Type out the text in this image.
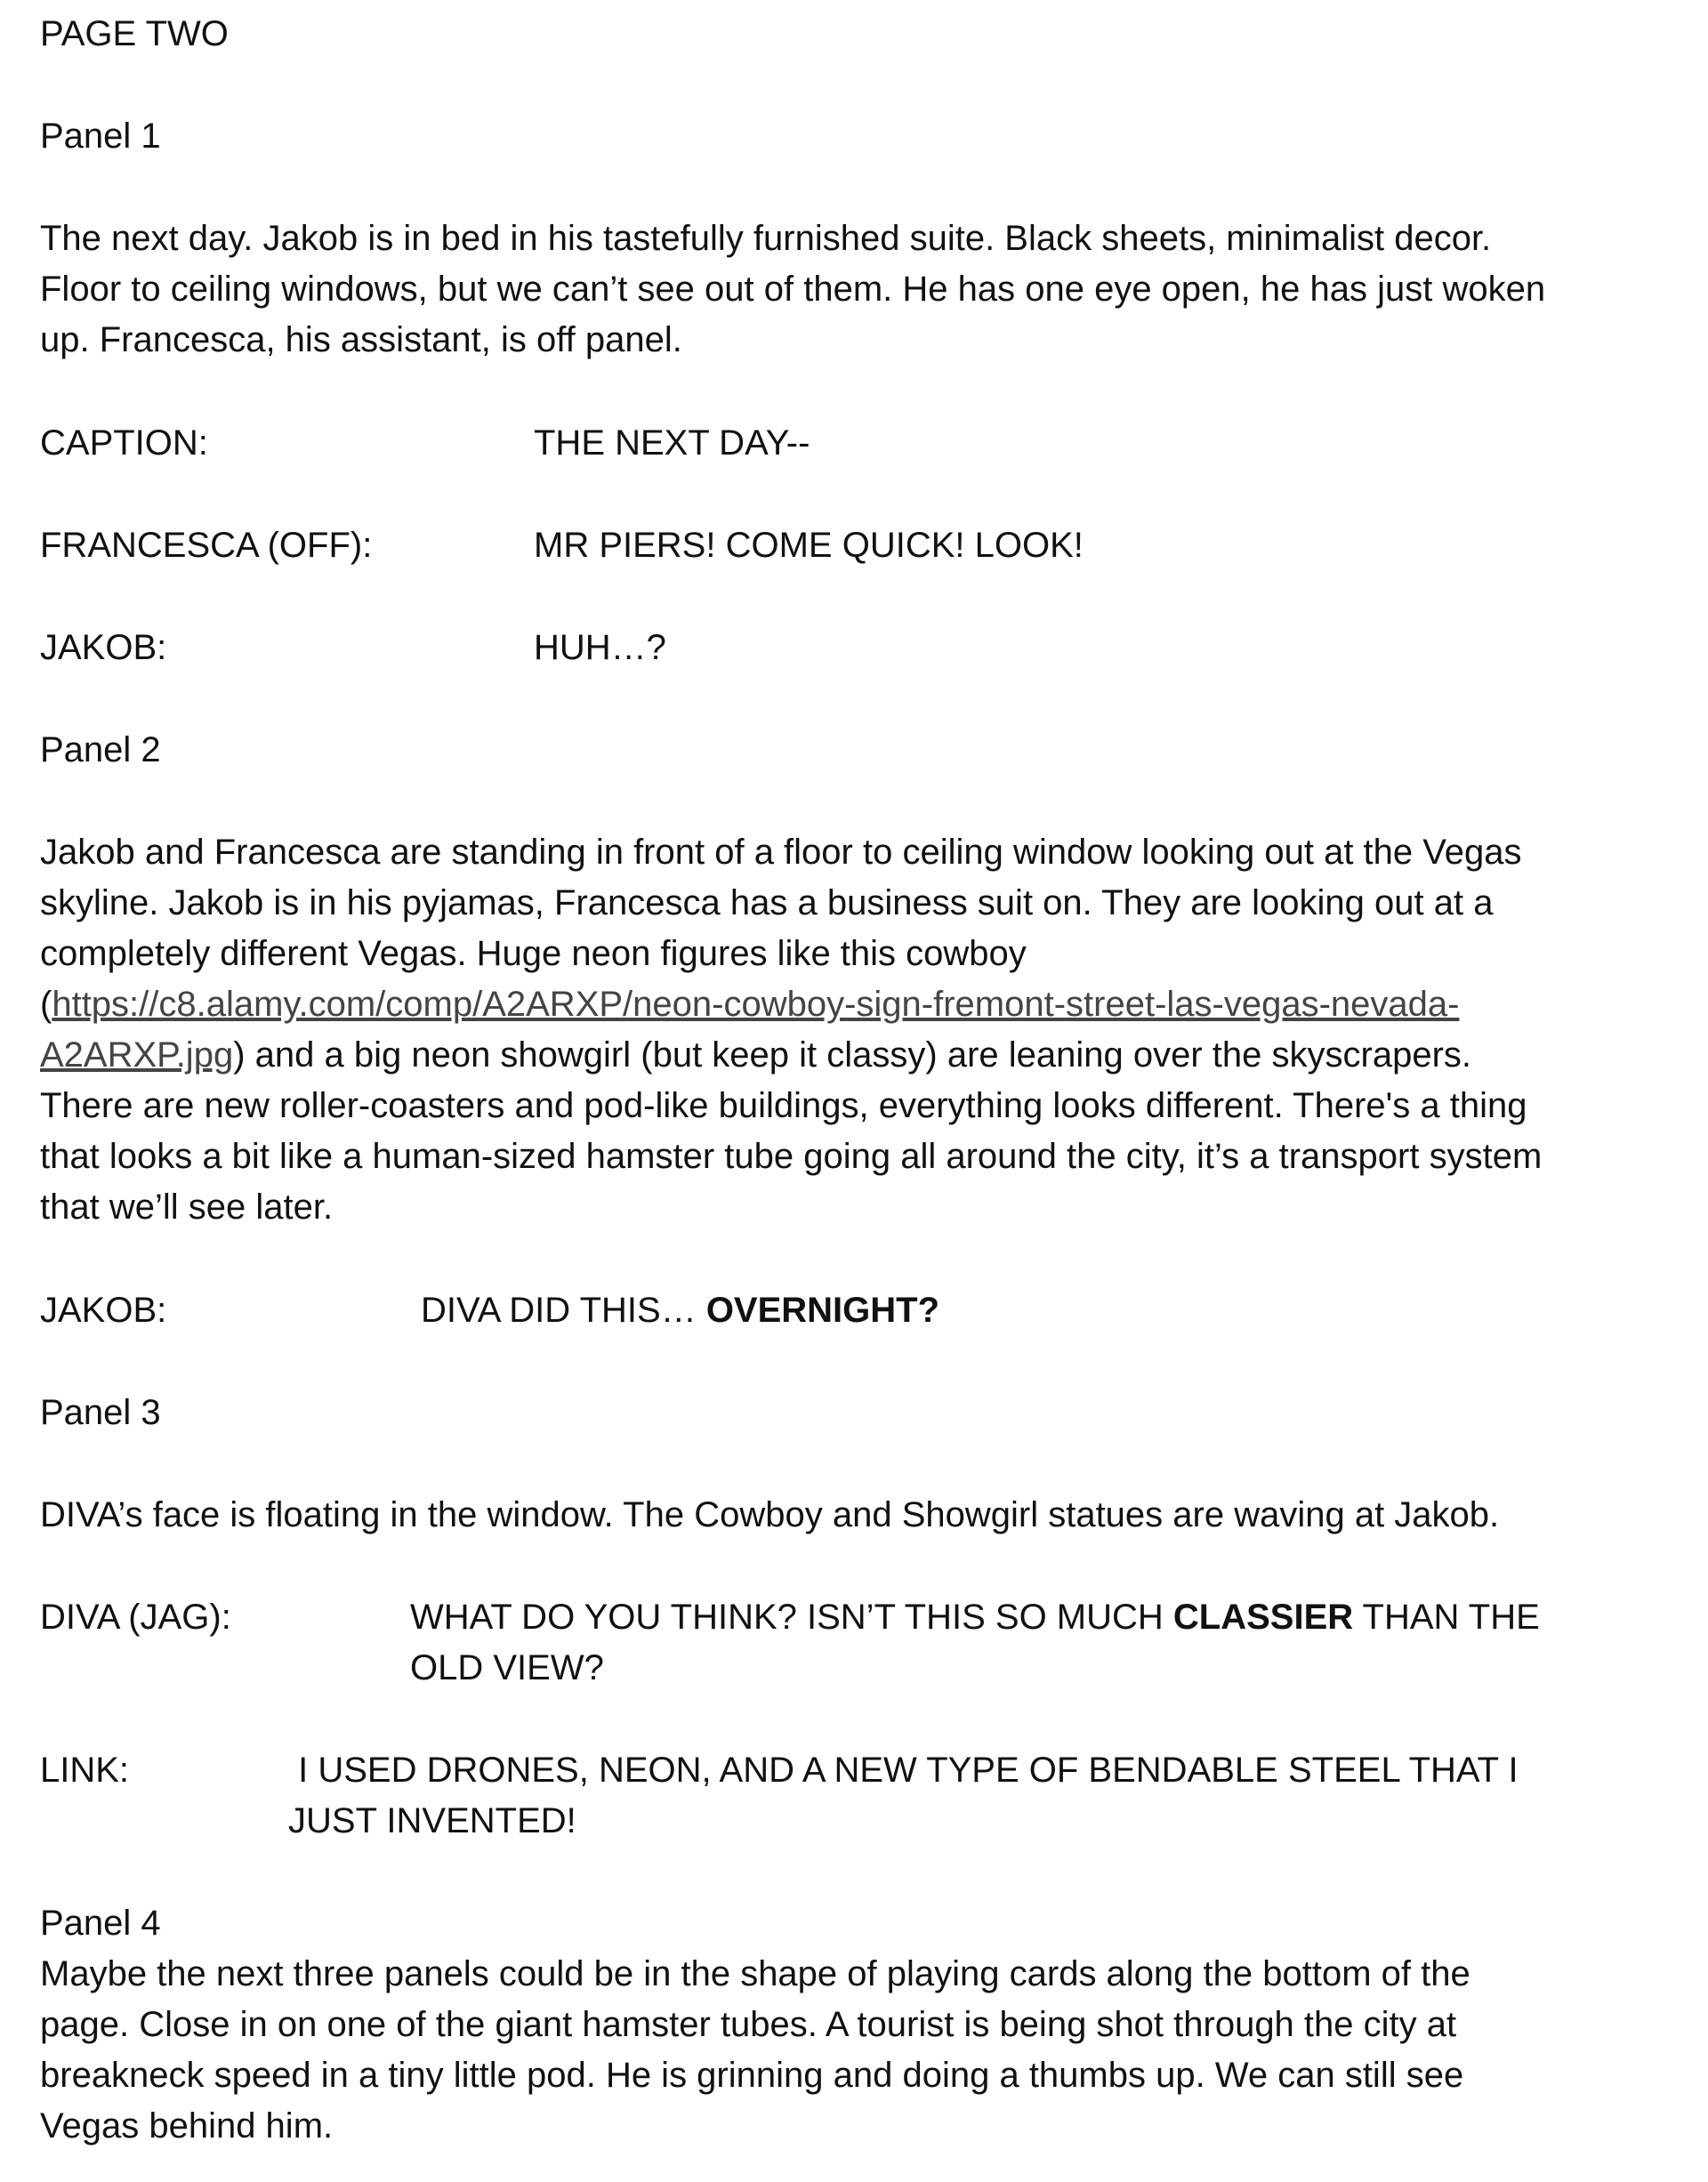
PAGE TWO

Panel 1

The next day. Jakob is in bed in his tastefully furnished suite. Black sheets, minimalist decor.
Floor to ceiling windows, but we can’t see out of them. He has one eye open, he has just woken
up. Francesca, his assistant, is off panel.

CAPTION:	THE NEXT DAY--

FRANCESCA (OFF):	MR PIERS! COME QUICK! LOOK!

JAKOB:	HUH…?

Panel 2

Jakob and Francesca are standing in front of a floor to ceiling window looking out at the Vegas
skyline. Jakob is in his pyjamas, Francesca has a business suit on. They are looking out at a
completely different Vegas. Huge neon figures like this cowboy
(https://c8.alamy.com/comp/A2ARXP/neon-cowboy-sign-fremont-street-las-vegas-nevada-
A2ARXP.jpg) and a big neon showgirl (but keep it classy) are leaning over the skyscrapers.
There are new roller-coasters and pod-like buildings, everything looks different. There's a thing
that looks a bit like a human-sized hamster tube going all around the city, it’s a transport system
that we’ll see later.

JAKOB:	DIVA DID THIS… OVERNIGHT?

Panel 3

DIVA’s face is floating in the window. The Cowboy and Showgirl statues are waving at Jakob.

DIVA (JAG):	WHAT DO YOU THINK? ISN’T THIS SO MUCH CLASSIER THAN THE

OLD VIEW?

LINK:	I USED DRONES, NEON, AND A NEW TYPE OF BENDABLE STEEL THAT I

JUST INVENTED!

Panel 4

Maybe the next three panels could be in the shape of playing cards along the bottom of the
page. Close in on one of the giant hamster tubes. A tourist is being shot through the city at
breakneck speed in a tiny little pod. He is grinning and doing a thumbs up. We can still see
Vegas behind him.
